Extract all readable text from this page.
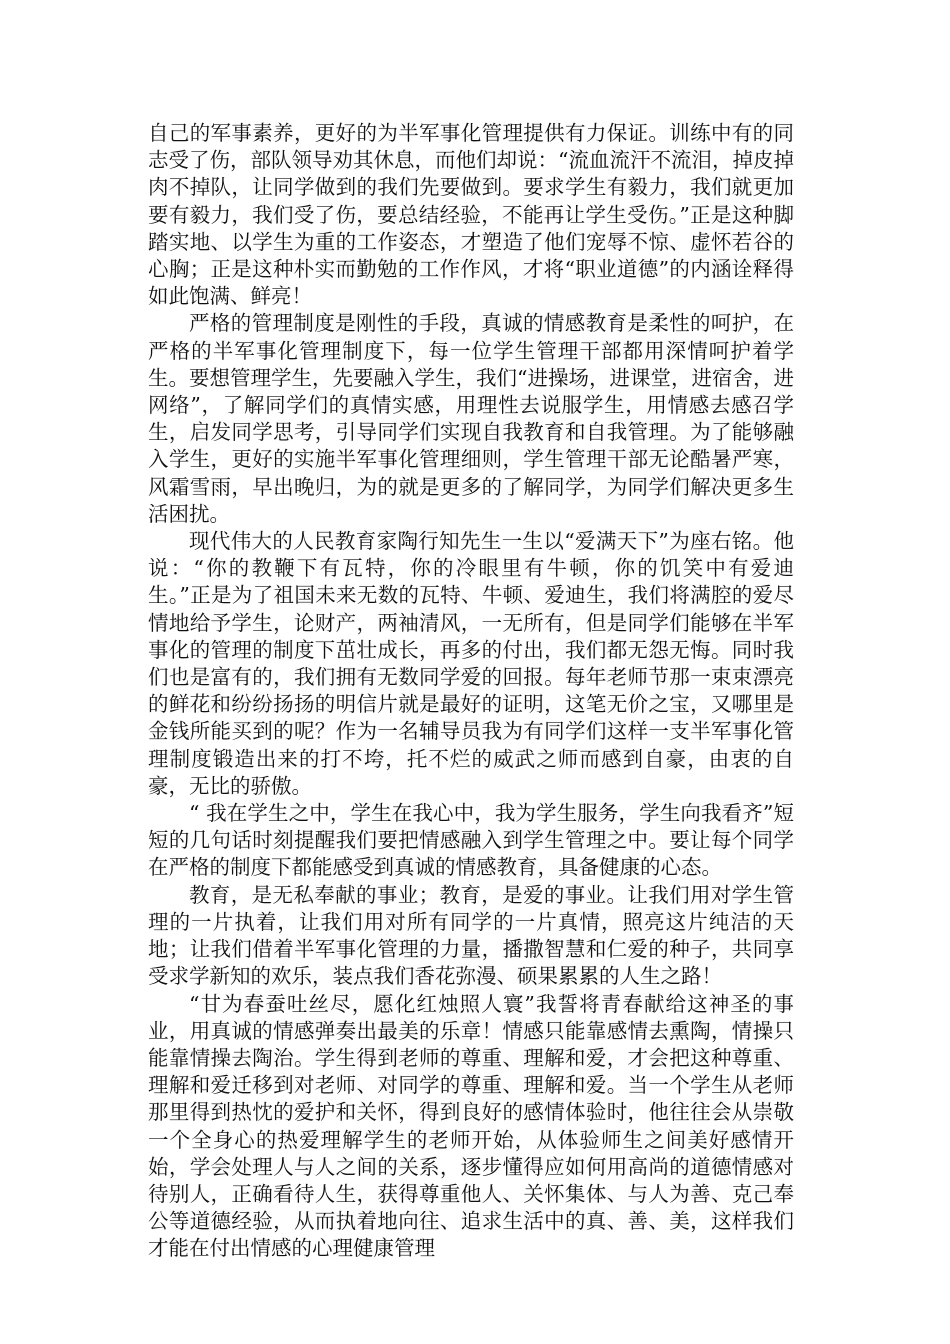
自己的军事素养，更好的为半军事化管理提供有力保证。训练中有的同志受了伤，部队领导劝其休息，而他们却说：“流血流汗不流泪，掉皮掉肉不掉队，让同学做到的我们先要做到。要求学生有毅力，我们就更加要有毅力，我们受了伤，要总结经验，不能再让学生受伤。”正是这种脚踏实地、以学生为重的工作姿态，才塑造了他们宠辱不惊、虚怀若谷的心胸；正是这种朴实而勤勉的工作作风，才将“职业道德”的内涵诠释得如此饱满、鲜亮！

严格的管理制度是刚性的手段，真诚的情感教育是柔性的呵护，在严格的半军事化管理制度下，每一位学生管理干部都用深情呵护着学生。要想管理学生，先要融入学生，我们“进操场，进课堂，进宿舍，进网络”，了解同学们的真情实感，用理性去说服学生，用情感去感召学生，启发同学思考，引导同学们实现自我教育和自我管理。为了能够融入学生，更好的实施半军事化管理细则，学生管理干部无论酷暑严寒，风霜雪雨，早出晚归，为的就是更多的了解同学，为同学们解决更多生活困扰。

现代伟大的人民教育家陶行知先生一生以“爱满天下”为座右铭。他说：“你的教鞭下有瓦特，你的冷眼里有牛顿，你的饥笑中有爱迪生。”正是为了祖国未来无数的瓦特、牛顿、爱迪生，我们将满腔的爱尽情地给予学生，论财产，两袖清风，一无所有，但是同学们能够在半军事化的管理的制度下茁壮成长，再多的付出，我们都无怨无悔。同时我们也是富有的，我们拥有无数同学爱的回报。每年老师节那一束束漂亮的鲜花和纷纷扬扬的明信片就是最好的证明，这笔无价之宝，又哪里是金钱所能买到的呢？作为一名辅导员我为有同学们这样一支半军事化管理制度锻造出来的打不垮，托不烂的威武之师而感到自豪，由衷的自豪，无比的骄傲。

“ 我在学生之中，学生在我心中，我为学生服务，学生向我看齐”短短的几句话时刻提醒我们要把情感融入到学生管理之中。要让每个同学在严格的制度下都能感受到真诚的情感教育，具备健康的心态。

教育，是无私奉献的事业；教育，是爱的事业。让我们用对学生管理的一片执着，让我们用对所有同学的一片真情，照亮这片纯洁的天地；让我们借着半军事化管理的力量，播撒智慧和仁爱的种子，共同享受求学新知的欢乐，装点我们香花弥漫、硕果累累的人生之路！

“甘为春蚕吐丝尽，愿化红烛照人寰”我誓将青春献给这神圣的事业，用真诚的情感弹奏出最美的乐章！情感只能靠感情去熏陶，情操只能靠情操去陶治。学生得到老师的尊重、理解和爱，才会把这种尊重、理解和爱迁移到对老师、对同学的尊重、理解和爱。当一个学生从老师那里得到热忱的爱护和关怀，得到良好的感情体验时，他往往会从崇敬一个全身心的热爱理解学生的老师开始，从体验师生之间美好感情开始，学会处理人与人之间的关系，逐步懂得应如何用高尚的道德情感对待别人，正确看待人生，获得尊重他人、关怀集体、与人为善、克己奉公等道德经验，从而执着地向往、追求生活中的真、善、美，这样我们才能在付出情感的心理健康管理
